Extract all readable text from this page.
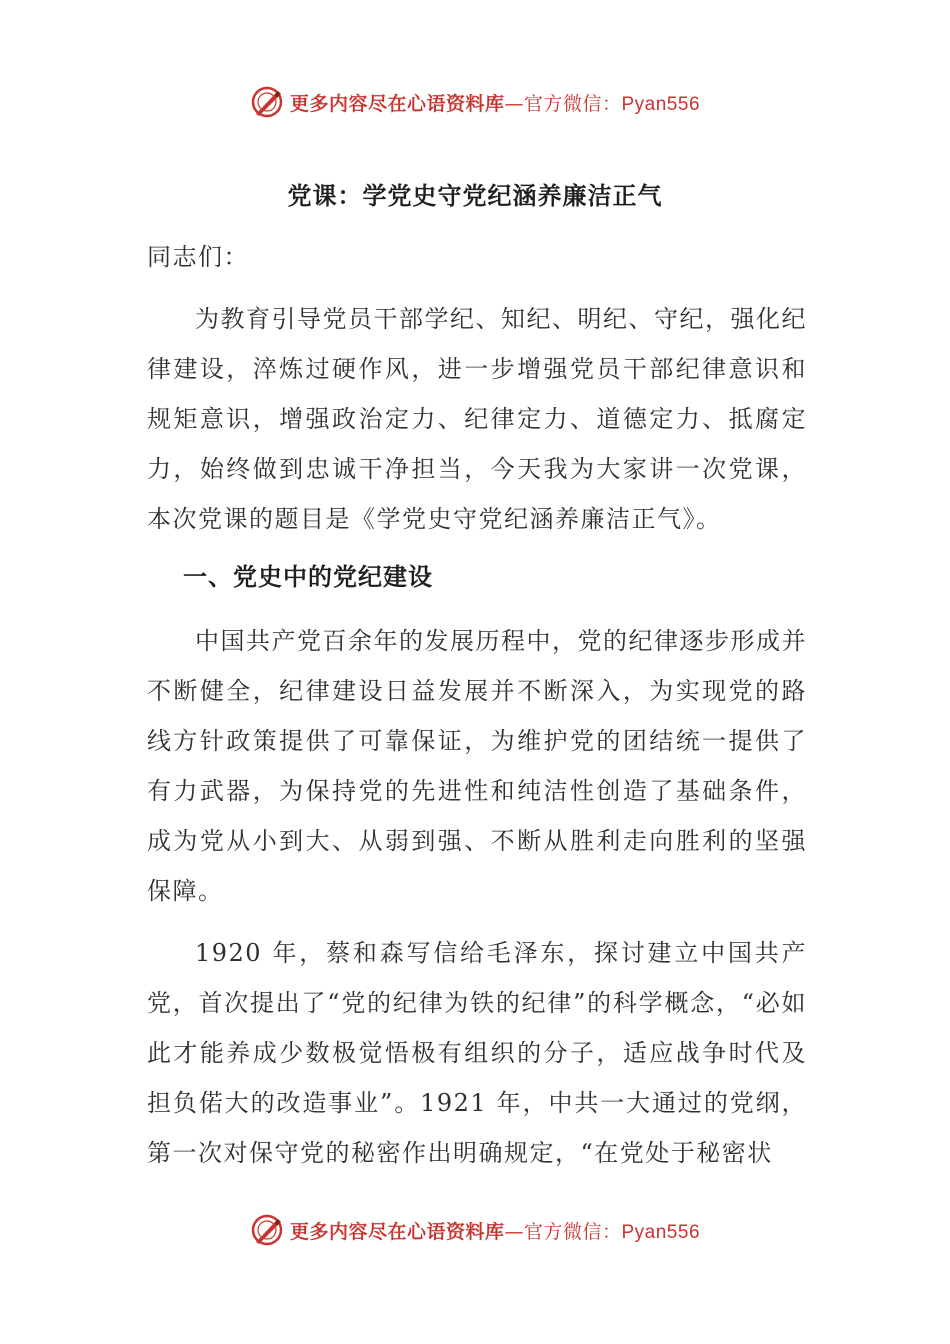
更多内容尽在心语资料库—官方微信：Pyan556
党课：学党史守党纪涵养廉洁正气
同志们：
为教育引导党员干部学纪、知纪、明纪、守纪，强化纪律建设，淬炼过硬作风，进一步增强党员干部纪律意识和规矩意识，增强政治定力、纪律定力、道德定力、抵腐定力，始终做到忠诚干净担当，今天我为大家讲一次党课，本次党课的题目是《学党史守党纪涵养廉洁正气》。
一、党史中的党纪建设
中国共产党百余年的发展历程中，党的纪律逐步形成并不断健全，纪律建设日益发展并不断深入，为实现党的路线方针政策提供了可靠保证，为维护党的团结统一提供了有力武器，为保持党的先进性和纯洁性创造了基础条件，成为党从小到大、从弱到强、不断从胜利走向胜利的坚强保障。
1920 年，蔡和森写信给毛泽东，探讨建立中国共产党，首次提出了“党的纪律为铁的纪律”的科学概念，“必如此才能养成少数极觉悟极有组织的分子，适应战争时代及担负偌大的改造事业”。1921 年，中共一大通过的党纲，第一次对保守党的秘密作出明确规定，“在党处于秘密状
更多内容尽在心语资料库—官方微信：Pyan556
